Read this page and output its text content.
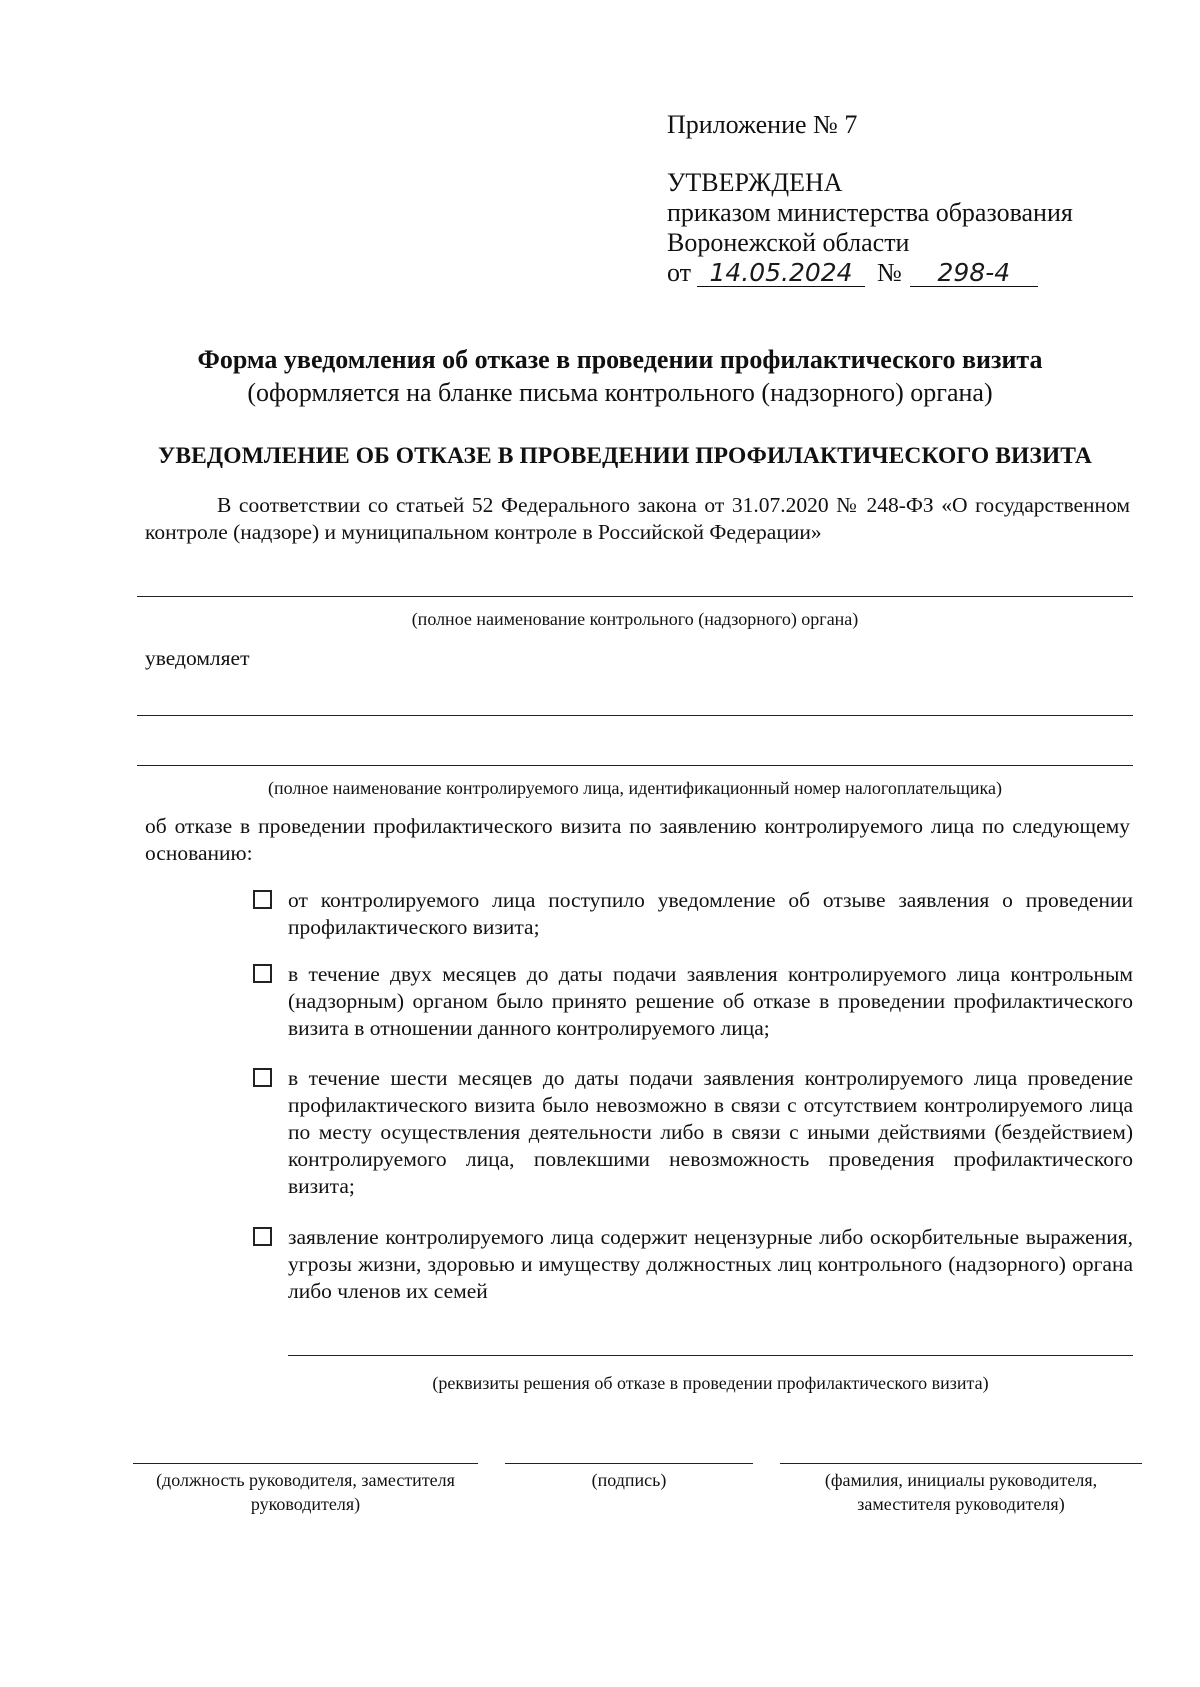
Приложение № 7

УТВЕРЖДЕНА

приказом министерства образования

Воронежской области

от 14.05.2024 №	298-4

Форма уведомления об отказе в проведении профилактического визита

(оформляется на бланке письма контрольного (надзорного) органа)

УВЕДОМЛЕНИЕ ОБ ОТКАЗЕ В ПРОВЕДЕНИИ ПРОФИЛАКТИЧЕСКОГО ВИЗИТА

В соответствии со статьей 52 Федерального закона от 31.07.2020 № 248-ФЗ «О государственном контроле (надзоре) и муниципальном контроле в Российской Федерации»

(полное наименование контрольного (надзорного) органа)

уведомляет

(полное наименование контролируемого лица, идентификационный номер налогоплательщика)

об отказе в проведении профилактического визита по заявлению контролируемого лица по следующему основанию:

от контролируемого лица поступило уведомление об отзыве заявления о проведении профилактического визита;

в течение двух месяцев до даты подачи заявления контролируемого лица контрольным (надзорным) органом было принято решение об отказе в проведении профилактического визита в отношении данного контролируемого лица;

в течение шести месяцев до даты подачи заявления контролируемого лица проведение профилактического визита было невозможно в связи с отсутствием контролируемого лица по месту осуществления деятельности либо в связи с иными действиями (бездействием) контролируемого лица, повлекшими невозможность проведения профилактического визита;

заявление контролируемого лица содержит нецензурные либо оскорбительные выражения, угрозы жизни, здоровью и имуществу должностных лиц контрольного (надзорного) органа либо членов их семей

(реквизиты решения об отказе в проведении профилактического визита)

(должность руководителя, заместителя руководителя)

(подпись)	(фамилия, инициалы руководителя, заместителя руководителя)
